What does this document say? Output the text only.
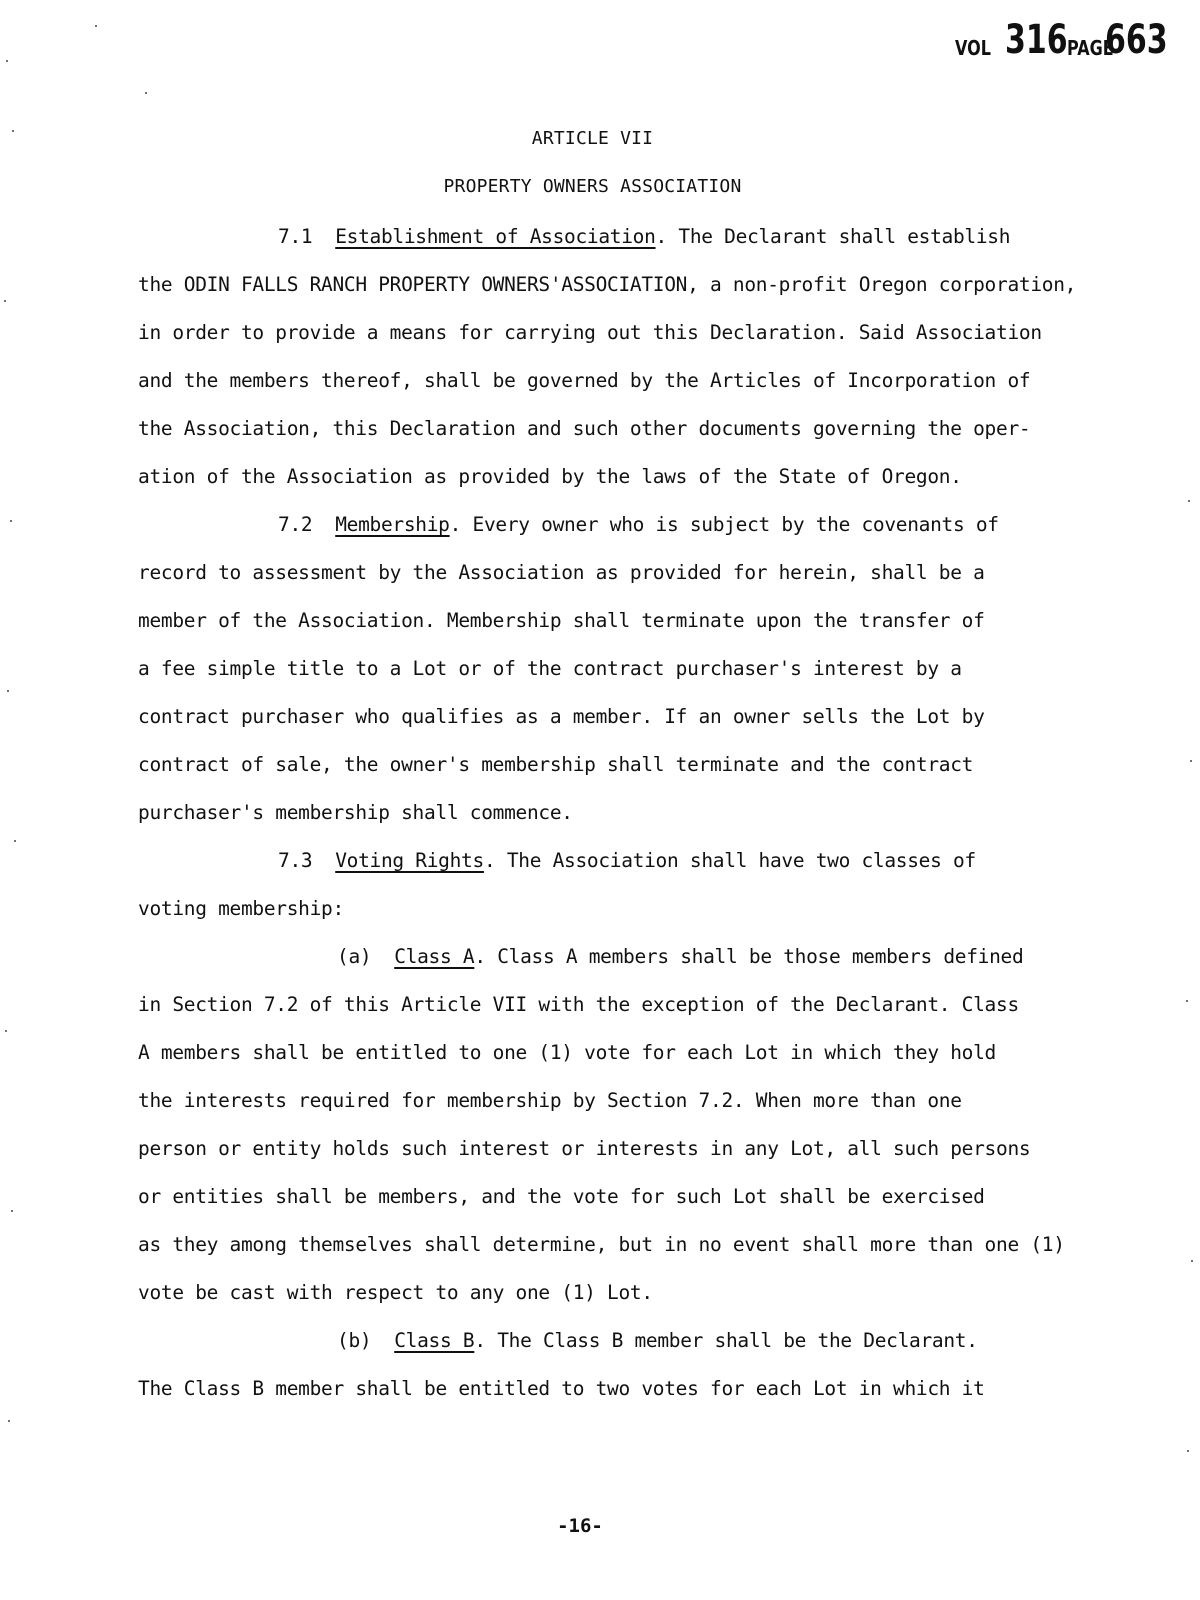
VOL 316 PAGE
663
ARTICLE VII
PROPERTY OWNERS ASSOCIATION
7.1 Establishment of Association. The Declarant shall establish
the ODIN FALLS RANCH PROPERTY OWNERS'ASSOCIATION, a non-profit Oregon corporation,
in order to provide a means for carrying out this Declaration. Said Association
and the members thereof, shall be governed by the Articles of Incorporation of
the Association, this Declaration and such other documents governing the oper-
ation of the Association as provided by the laws of the State of Oregon.
7.2 Membership. Every owner who is subject by the covenants of
record to assessment by the Association as provided for herein, shall be a
member of the Association. Membership shall terminate upon the transfer of
a fee simple title to a Lot or of the contract purchaser's interest by a
contract purchaser who qualifies as a member. If an owner sells the Lot by
contract of sale, the owner's membership shall terminate and the contract
purchaser's membership shall commence.
7.3 Voting Rights. The Association shall have two classes of
voting membership:
(a) Class A. Class A members shall be those members defined
in Section 7.2 of this Article VII with the exception of the Declarant. Class
A members shall be entitled to one (1) vote for each Lot in which they hold
the interests required for membership by Section 7.2. When more than one
person or entity holds such interest or interests in any Lot, all such persons
or entities shall be members, and the vote for such Lot shall be exercised
as they among themselves shall determine, but in no event shall more than one (1)
vote be cast with respect to any one (1) Lot.
(b) Class B. The Class B member shall be the Declarant.
The Class B member shall be entitled to two votes for each Lot in which it
-16-
